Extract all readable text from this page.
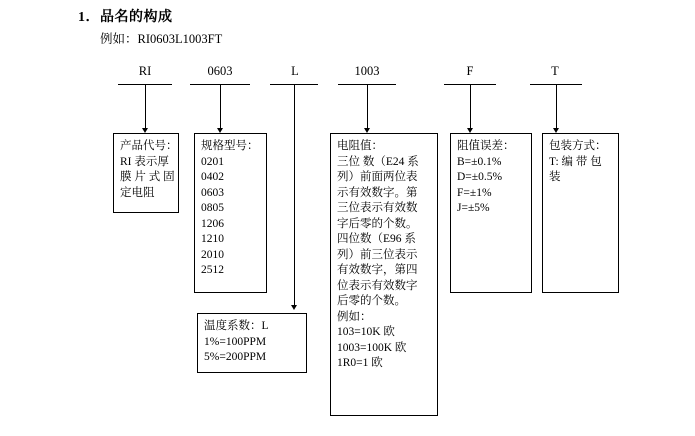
1．品名的构成
例如：RI0603L1003FT
RI	0603	L	1003	F	T
产品代号：
RI 表示厚
膜 片 式 固
定电阻
规格型号：
0201
0402
0603
0805
1206
1210
2010
2512
温度系数：L
1%=100PPM
5%=200PPM
电阻值：
三位 数（E24 系
列）前面两位表
示有效数字。第
三位表示有效数
字后零的个数。
四位数（E96 系
列）前三位表示
有效数字，第四
位表示有效数字
后零的个数。
例如：
103=10K 欧
1003=100K 欧
1R0=1 欧
阻值误差：
B=±0.1%
D=±0.5%
F=±1%
J=±5%
包装方式：
T: 编 带 包
装
